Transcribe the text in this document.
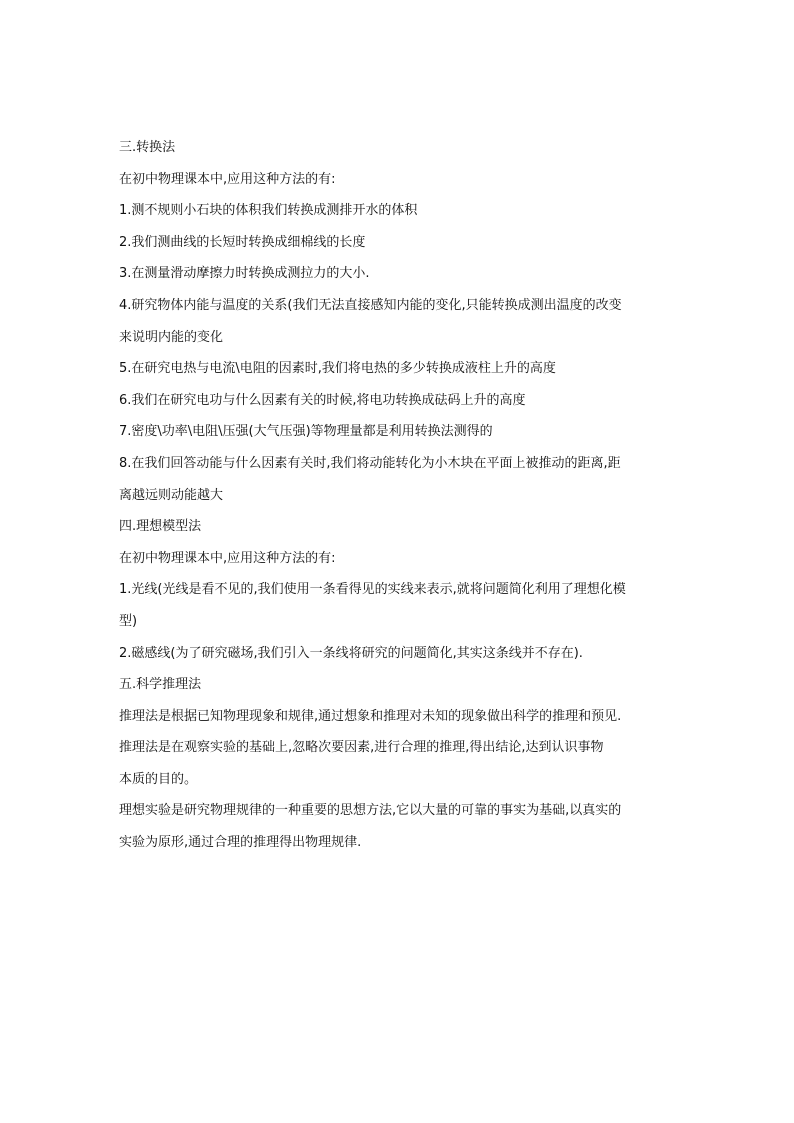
三.转换法

在初中物理课本中,应用这种方法的有:

1.测不规则小石块的体积我们转换成测排开水的体积

2.我们测曲线的长短时转换成细棉线的长度

3.在测量滑动摩擦力时转换成测拉力的大小.

4.研究物体内能与温度的关系(我们无法直接感知内能的变化,只能转换成测出温度的改变

来说明内能的变化

5.在研究电热与电流\电阻的因素时,我们将电热的多少转换成液柱上升的高度

6.我们在研究电功与什么因素有关的时候,将电功转换成砝码上升的高度

7.密度\功率\电阻\压强(大气压强)等物理量都是利用转换法测得的

8.在我们回答动能与什么因素有关时,我们将动能转化为小木块在平面上被推动的距离,距

离越远则动能越大

四.理想模型法

在初中物理课本中,应用这种方法的有:

1.光线(光线是看不见的,我们使用一条看得见的实线来表示,就将问题简化利用了理想化模

型)

2.磁感线(为了研究磁场,我们引入一条线将研究的问题简化,其实这条线并不存在).

五.科学推理法

推理法是根据已知物理现象和规律,通过想象和推理对未知的现象做出科学的推理和预见.

推理法是在观察实验的基础上,忽略次要因素,进行合理的推理,得出结论,达到认识事物

本质的目的。

理想实验是研究物理规律的一种重要的思想方法,它以大量的可靠的事实为基础,以真实的

实验为原形,通过合理的推理得出物理规律.
